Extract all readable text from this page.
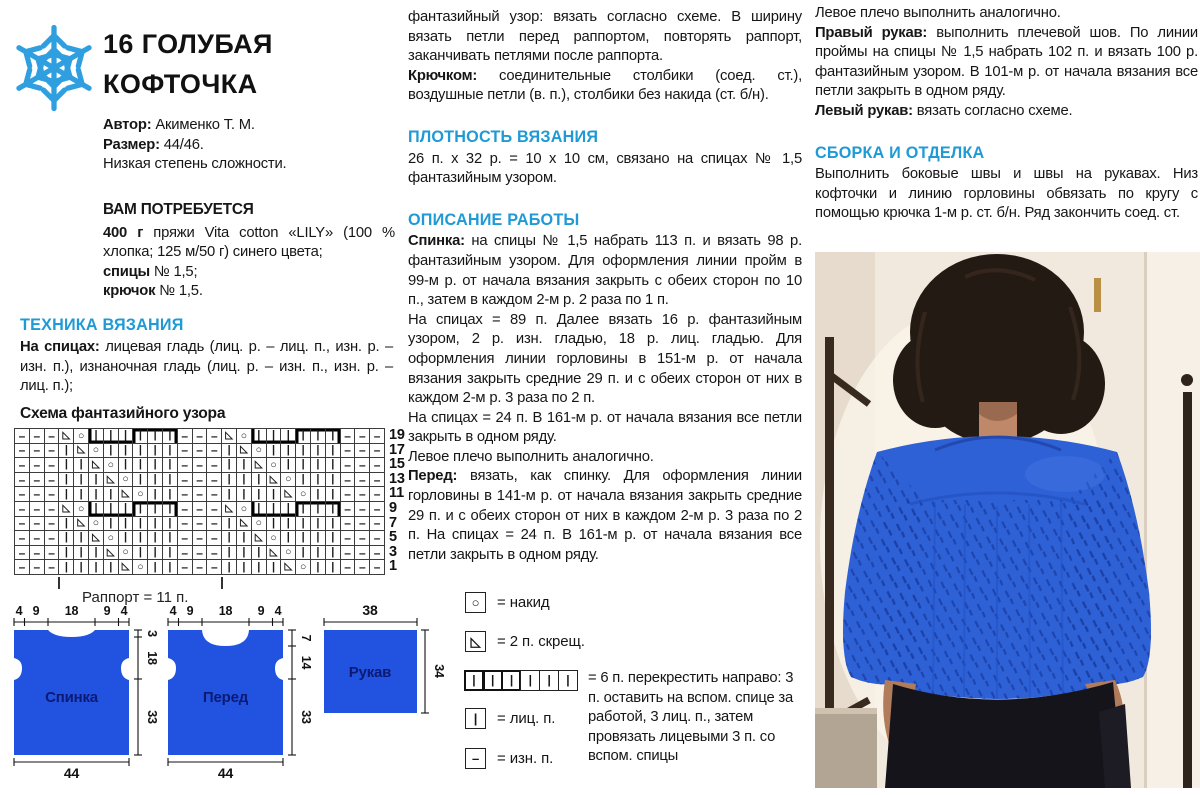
16 ГОЛУБАЯ
КОФТОЧКА

Автор: Акименко Т. М.

Размер: 44/46.

Низкая степень сложности.

ВАМ ПОТРЕБУЕТСЯ

400 г пряжи Vita cotton «LILY» (100 % хлопка; 125 м/50 г) синего цвета;

спицы № 1,5;

крючок № 1,5.

ТЕХНИКА ВЯЗАНИЯ

На спицах: лицевая гладь (лиц. р. – лиц. п., изн. р. – изн. п.), изнаночная гладь (лиц. р. – изн. п., изн. р. – лиц. п.);

Схема фантазийного узора

– – – ◺ ○ |	|	|	|	|	| – – – ◺ ○ |	|	|	|	|	| – – –
– – – | ◺ ○ |	|	|	|	| – – – | ◺ ○ |	|	|	|	| – – –
– – – |	| ◺ ○ |	|	|	| – – – |	| ◺ ○ |	|	|	| – – –
– – – |	|	| ◺ ○ |	|	| – – – |	|	| ◺ ○ |	|	| – – –
– – – |	|	|	| ◺ ○ |	| – – – |	|	|	| ◺ ○ |	| – – –
– – – ◺ ○ |	|	|	|	|	| – – – ◺ ○ |	|	|	|	|	| – – –
– – – | ◺ ○ |	|	|	|	| – – – | ◺ ○ |	|	|	|	| – – –
– – – |	| ◺ ○ |	|	|	| – – – |	| ◺ ○ |	|	|	| – – –
– – – |	|	| ◺ ○ |	|	| – – – |	|	| ◺ ○ |	|	| – – –
– – – |	|	|	| ◺ ○ |	| – – – |	|	|	| ◺ ○ |	| – – –
19
17
15
13
11
9
7
5
3
1

Раппорт = 11 п.

4 9 18 9 4
3
18
33
44
Спинка
4 9 18 9 4
7
14
33
44
Перед
38
34
Рукав

фантазийный узор: вязать согласно схеме. В ширину вязать петли перед раппортом, повторять раппорт, заканчивать петлями после раппорта.

Крючком: соединительные столбики (соед. ст.), воздушные петли (в. п.), столбики без накида (ст. б/н).

ПЛОТНОСТЬ ВЯЗАНИЯ

26 п. x 32 р. = 10 x 10 см, связано на спицах № 1,5 фантазийным узором.

ОПИСАНИЕ РАБОТЫ

Спинка: на спицы № 1,5 набрать 113 п. и вязать 98 р. фантазийным узором. Для оформления линии пройм в 99-м р. от начала вязания закрыть с обеих сторон по 10 п., затем в каждом 2-м р. 2 раза по 1 п.

На спицах = 89 п. Далее вязать 16 р. фантазийным узором, 2 р. изн. гладью, 18 р. лиц. гладью. Для оформления линии горловины в 151-м р. от начала вязания закрыть средние 29 п. и с обеих сторон от них в каждом 2-м р. 3 раза по 2 п.

На спицах = 24 п. В 161-м р. от начала вязания все петли закрыть в одном ряду.

Левое плечо выполнить аналогично.

Перед: вязать, как спинку. Для оформления линии горловины в 141-м р. от начала вязания закрыть средние 29 п. и с обеих сторон от них в каждом 2-м р. 3 раза по 2 п. На спицах = 24 п. В 161-м р. от начала вязания все петли закрыть в одном ряду.

○	= накид
◺	= 2 п. скрещ.
|	|	|	|	|	|	= 6 п. перекрестить направо: 3 п. оставить на вспом. спице за работой, 3 лиц. п., затем провязать лицевыми 3 п. со вспом. спицы
|	= лиц. п.
–	= изн. п.

Левое плечо выполнить аналогично.

Правый рукав: выполнить плечевой шов. По линии проймы на спицы № 1,5 набрать 102 п. и вязать 100 р. фантазийным узором. В 101-м р. от начала вязания все петли закрыть в одном ряду.

Левый рукав: вязать согласно схеме.

СБОРКА И ОТДЕЛКА

Выполнить боковые швы и швы на рукавах. Низ кофточки и линию горловины обвязать по кругу с помощью крючка 1-м р. ст. б/н. Ряд закончить соед. ст.
